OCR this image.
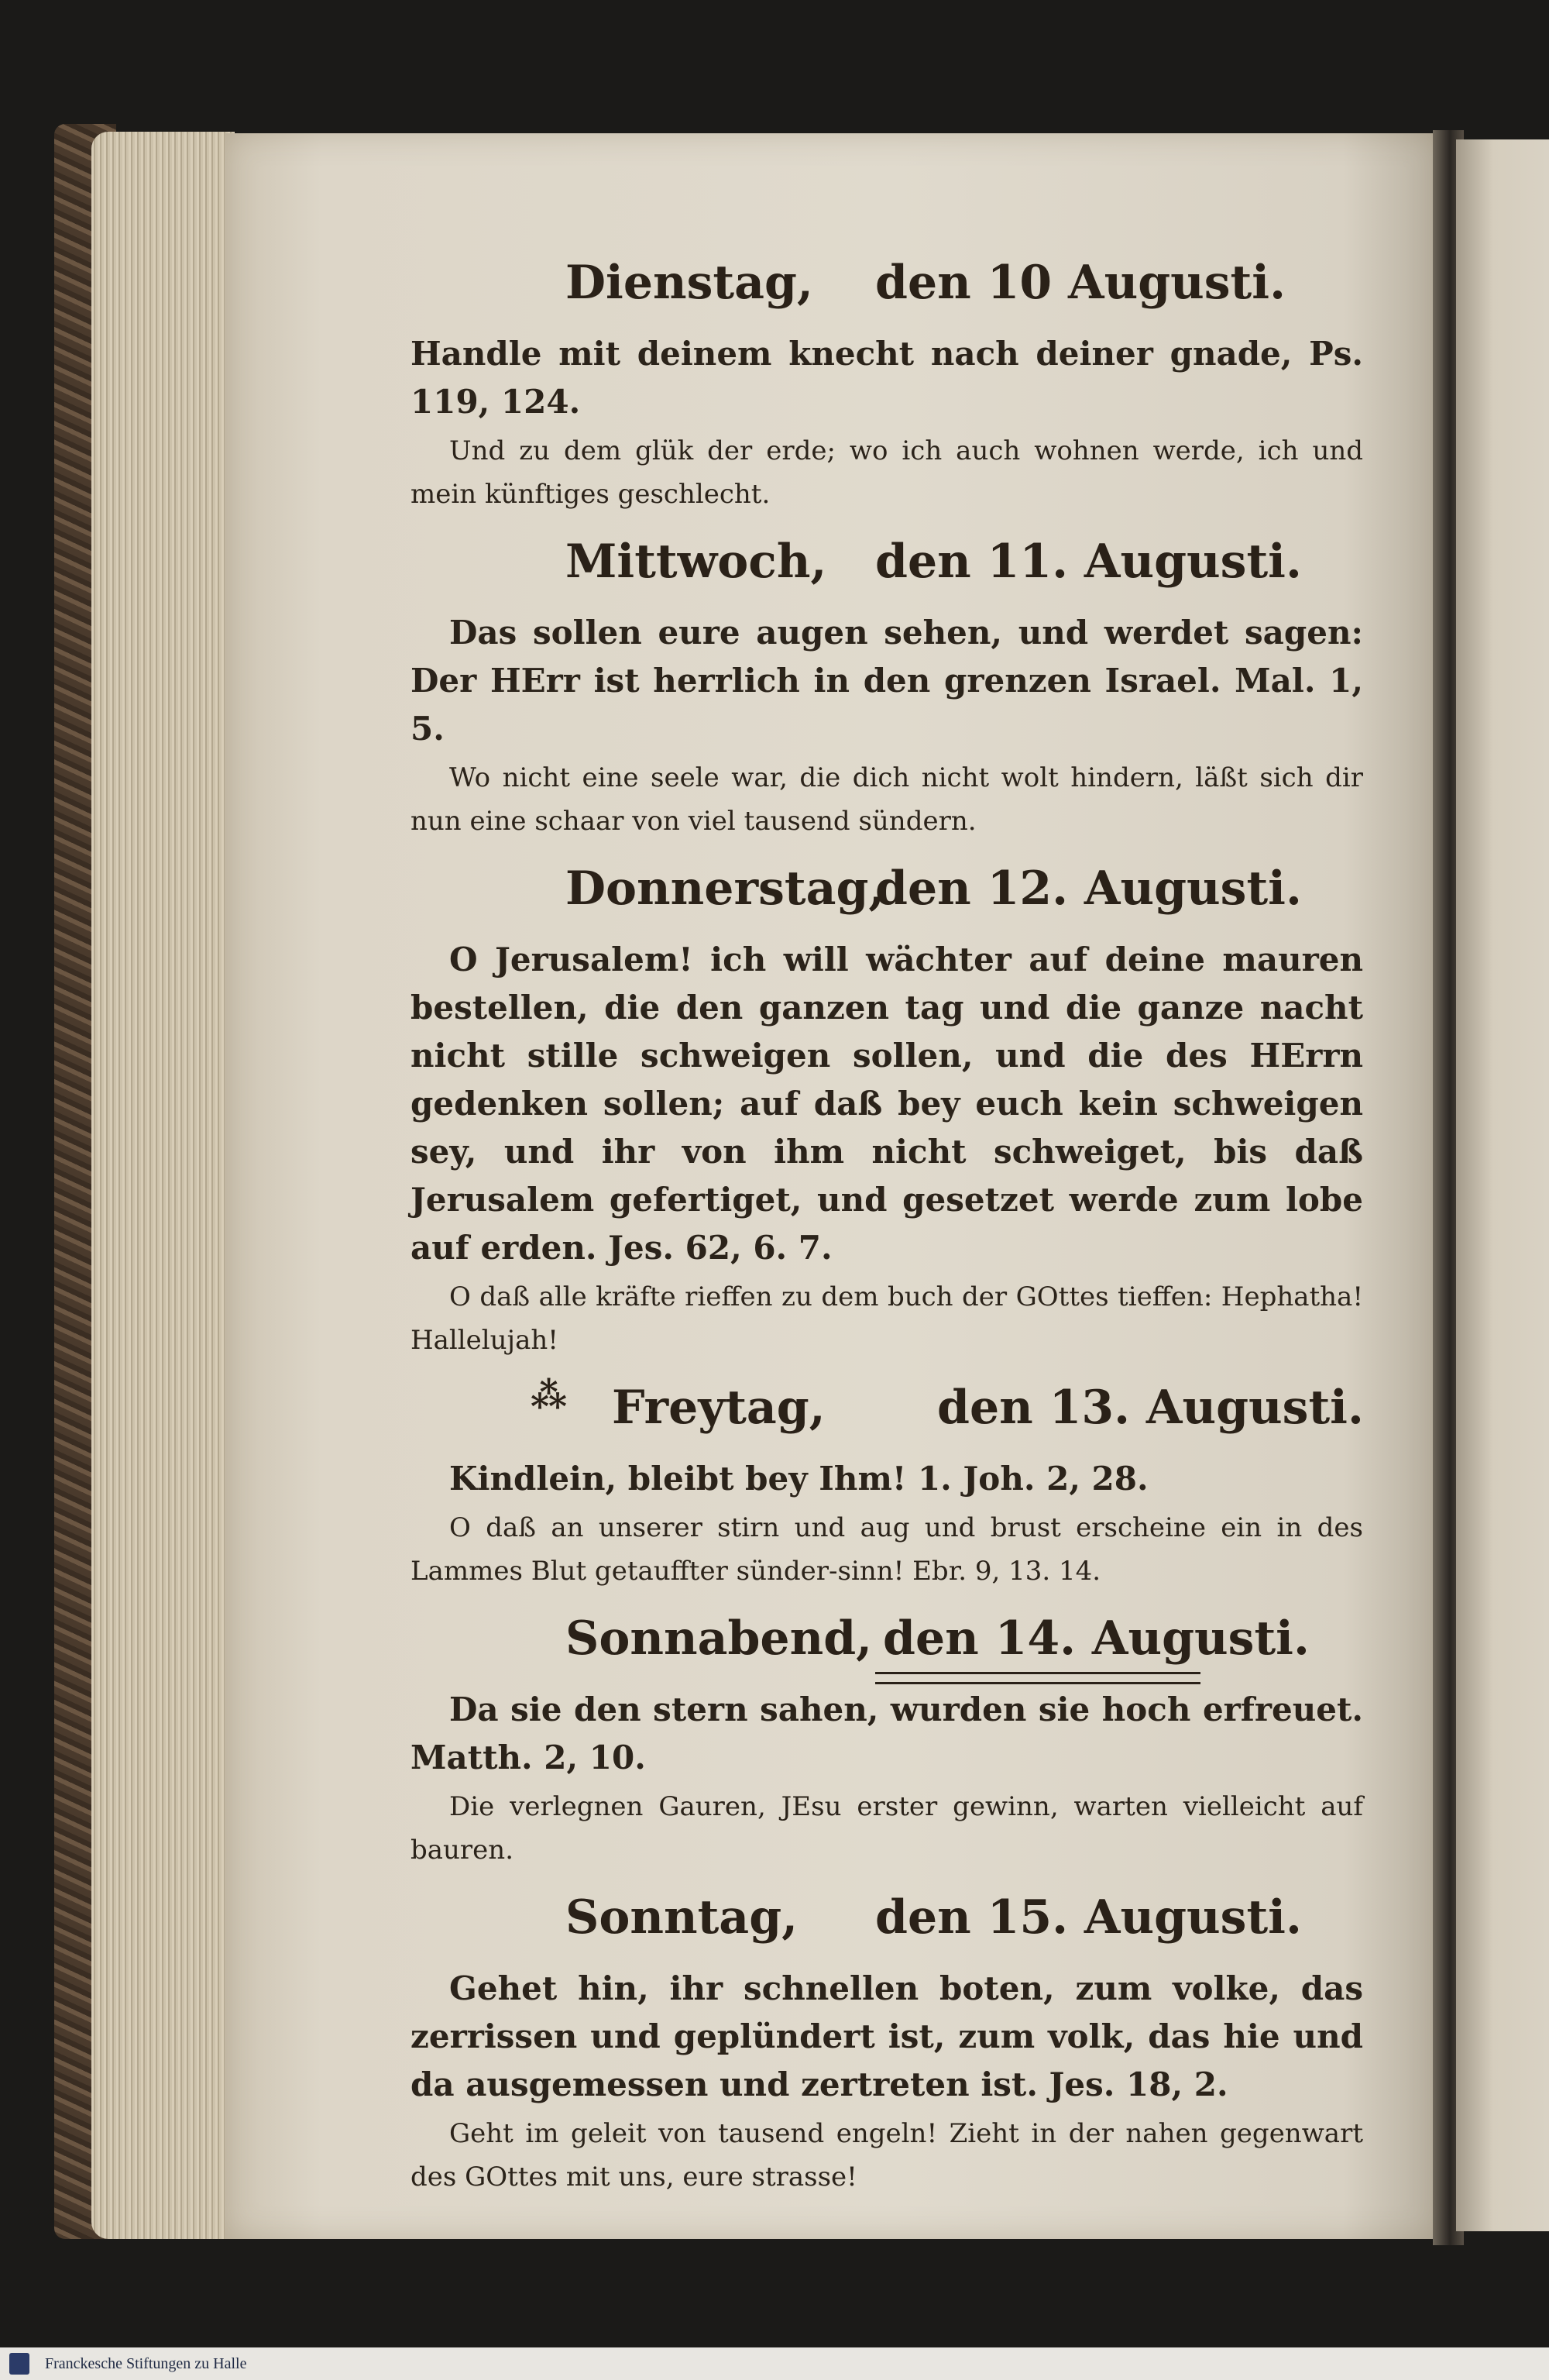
Dienstag, den 10 Augusti.
Handle mit deinem knecht nach deiner gnade, Ps. 119, 124.
Und zu dem glük der erde; wo ich auch wohnen werde, ich und mein künftiges geschlecht.
Mittwoch, den 11. Augusti.
Das sollen eure augen sehen, und werdet sagen: Der HErr ist herrlich in den grenzen Israel. Mal. 1, 5.
Wo nicht eine seele war, die dich nicht wolt hindern, läßt sich dir nun eine schaar von viel tausend sündern.
Donnerstag,
den 12. Augusti.
O Jerusalem! ich will wächter auf deine mauren bestellen, die den ganzen tag und die ganze nacht nicht stille schweigen sollen, und die des HErrn gedenken sollen; auf daß bey euch kein schweigen sey, und ihr von ihm nicht schweiget, bis daß Jerusalem gefertiget, und gesetzet werde zum lobe auf erden. Jes. 62, 6. 7.
O daß alle kräfte rieffen zu dem buch der GOttes tieffen: Hephatha! Hallelujah!
⁂ Freytag, den 13. Augusti.
Kindlein, bleibt bey Ihm! 1. Joh. 2, 28.
O daß an unserer stirn und aug und brust erscheine ein in des Lammes Blut getauffter sünder-sinn! Ebr. 9, 13. 14.
Sonnabend, den 14. Augusti.
Da sie den stern sahen, wurden sie hoch erfreuet. Matth. 2, 10.
Die verlegnen Gauren, JEsu erster gewinn, warten vielleicht auf bauren.
Sonntag, den 15. Augusti.
Gehet hin, ihr schnellen boten, zum volke, das zerrissen und geplündert ist, zum volk, das hie und da ausgemessen und zertreten ist. Jes. 18, 2.
Geht im geleit von tausend engeln! Zieht in der nahen gegenwart des GOttes mit uns, eure strasse!
Franckesche Stiftungen zu Halle
